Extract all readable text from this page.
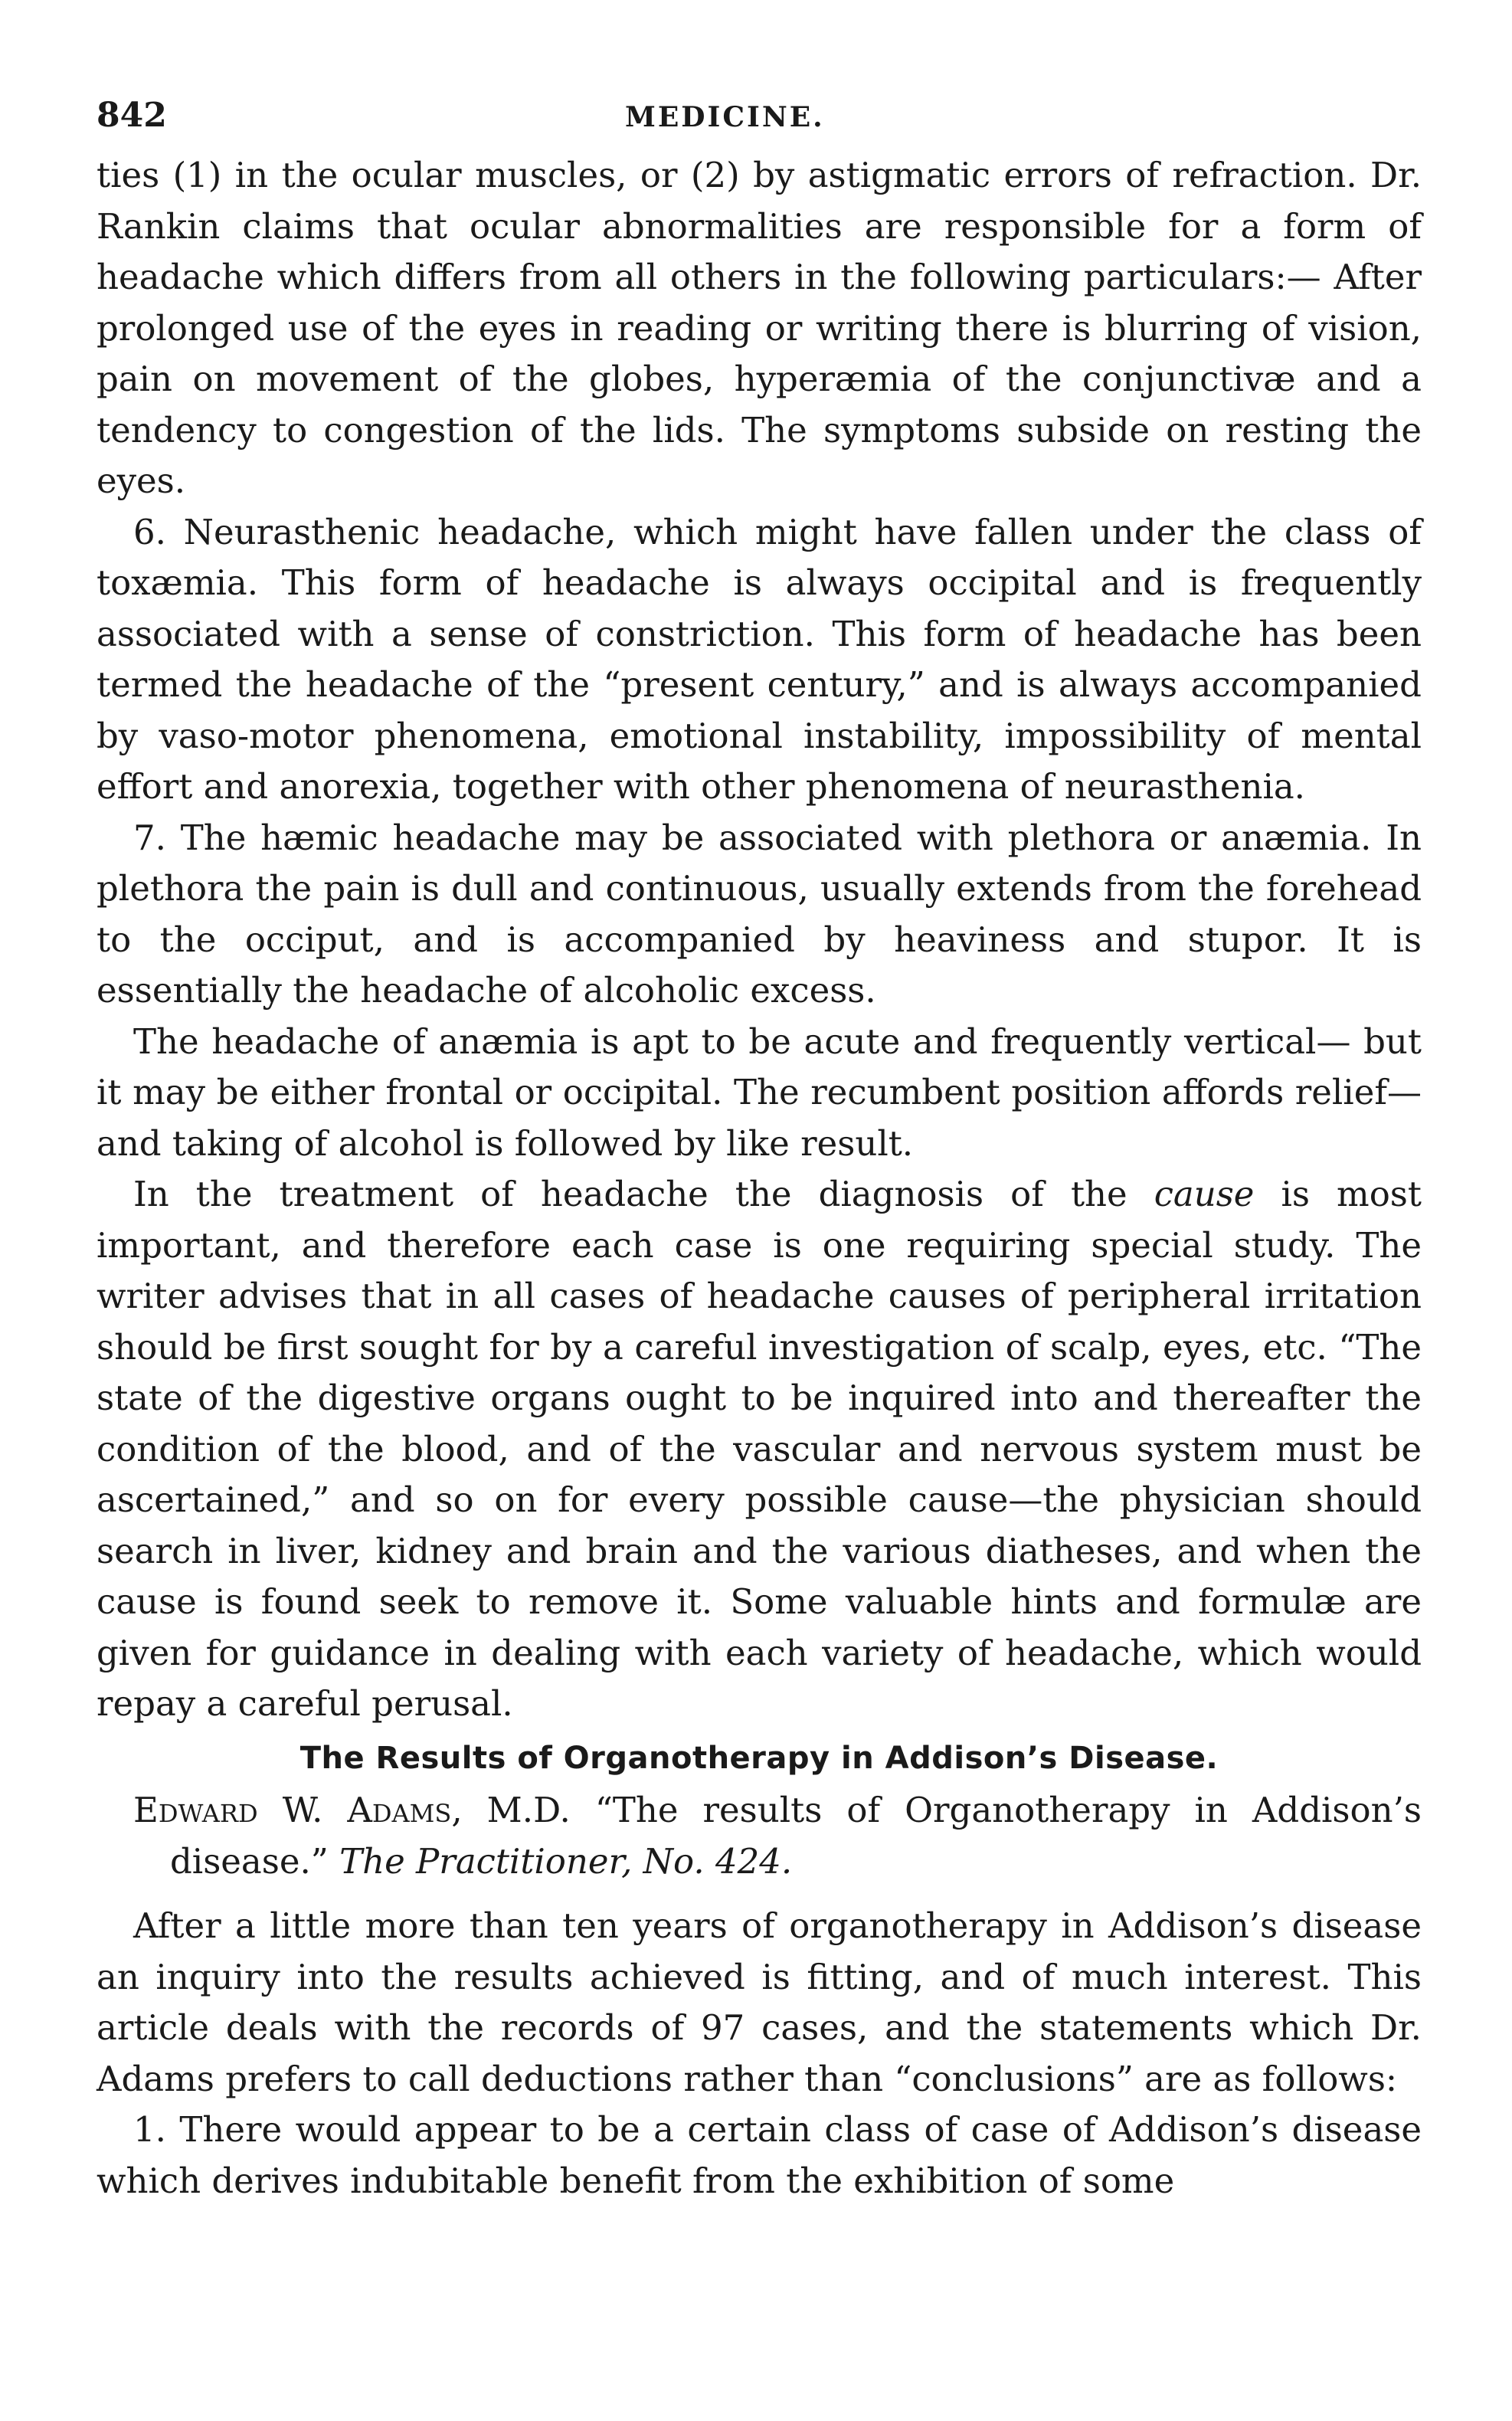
842	MEDICINE.

ties (1) in the ocular muscles, or (2) by astigmatic errors of refraction. Dr. Rankin claims that ocular abnormalities are responsible for a form of headache which differs from all others in the following particulars:— After prolonged use of the eyes in reading or writing there is blurring of vision, pain on movement of the globes, hyperæmia of the conjunctivæ and a tendency to congestion of the lids. The symptoms subside on resting the eyes.

6. Neurasthenic headache, which might have fallen under the class of toxæmia. This form of headache is always occipital and is frequently associated with a sense of constriction. This form of headache has been termed the headache of the “present century,” and is always accompanied by vaso-motor phenomena, emotional instability, impossibility of mental effort and anorexia, together with other phenomena of neurasthenia.

7. The hæmic headache may be associated with plethora or anæmia. In plethora the pain is dull and continuous, usually extends from the forehead to the occiput, and is accompanied by heaviness and stupor. It is essentially the headache of alcoholic excess.

The headache of anæmia is apt to be acute and frequently vertical— but it may be either frontal or occipital. The recumbent position affords relief—and taking of alcohol is followed by like result.

In the treatment of headache the diagnosis of the cause is most important, and therefore each case is one requiring special study. The writer advises that in all cases of headache causes of peripheral irritation should be first sought for by a careful investigation of scalp, eyes, etc. “The state of the digestive organs ought to be inquired into and thereafter the condition of the blood, and of the vascular and nervous system must be ascertained,” and so on for every possible cause—the physician should search in liver, kidney and brain and the various diatheses, and when the cause is found seek to remove it. Some valuable hints and formulæ are given for guidance in dealing with each variety of headache, which would repay a careful perusal.

The Results of Organotherapy in Addison’s Disease.

Edward W. Adams, M.D. “The results of Organotherapy in Addison’s disease.” The Practitioner, No. 424.

After a little more than ten years of organotherapy in Addison’s disease an inquiry into the results achieved is fitting, and of much interest. This article deals with the records of 97 cases, and the statements which Dr. Adams prefers to call deductions rather than “conclusions” are as follows:

1. There would appear to be a certain class of case of Addison’s disease which derives indubitable benefit from the exhibition of some
